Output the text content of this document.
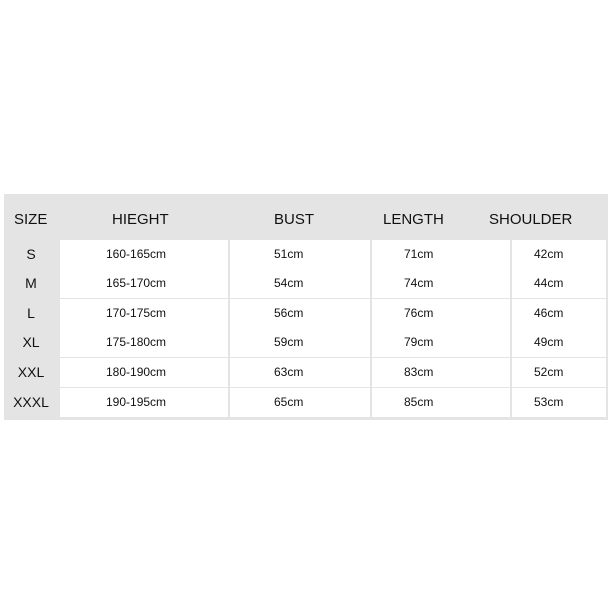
SIZE	HIEGHT	BUST	LENGTH	SHOULDER
S	160-165cm	51cm	71cm	42cm
M	165-170cm	54cm	74cm	44cm
L	170-175cm	56cm	76cm	46cm
XL	175-180cm	59cm	79cm	49cm
XXL	180-190cm	63cm	83cm	52cm
XXXL	190-195cm	65cm	85cm	53cm
